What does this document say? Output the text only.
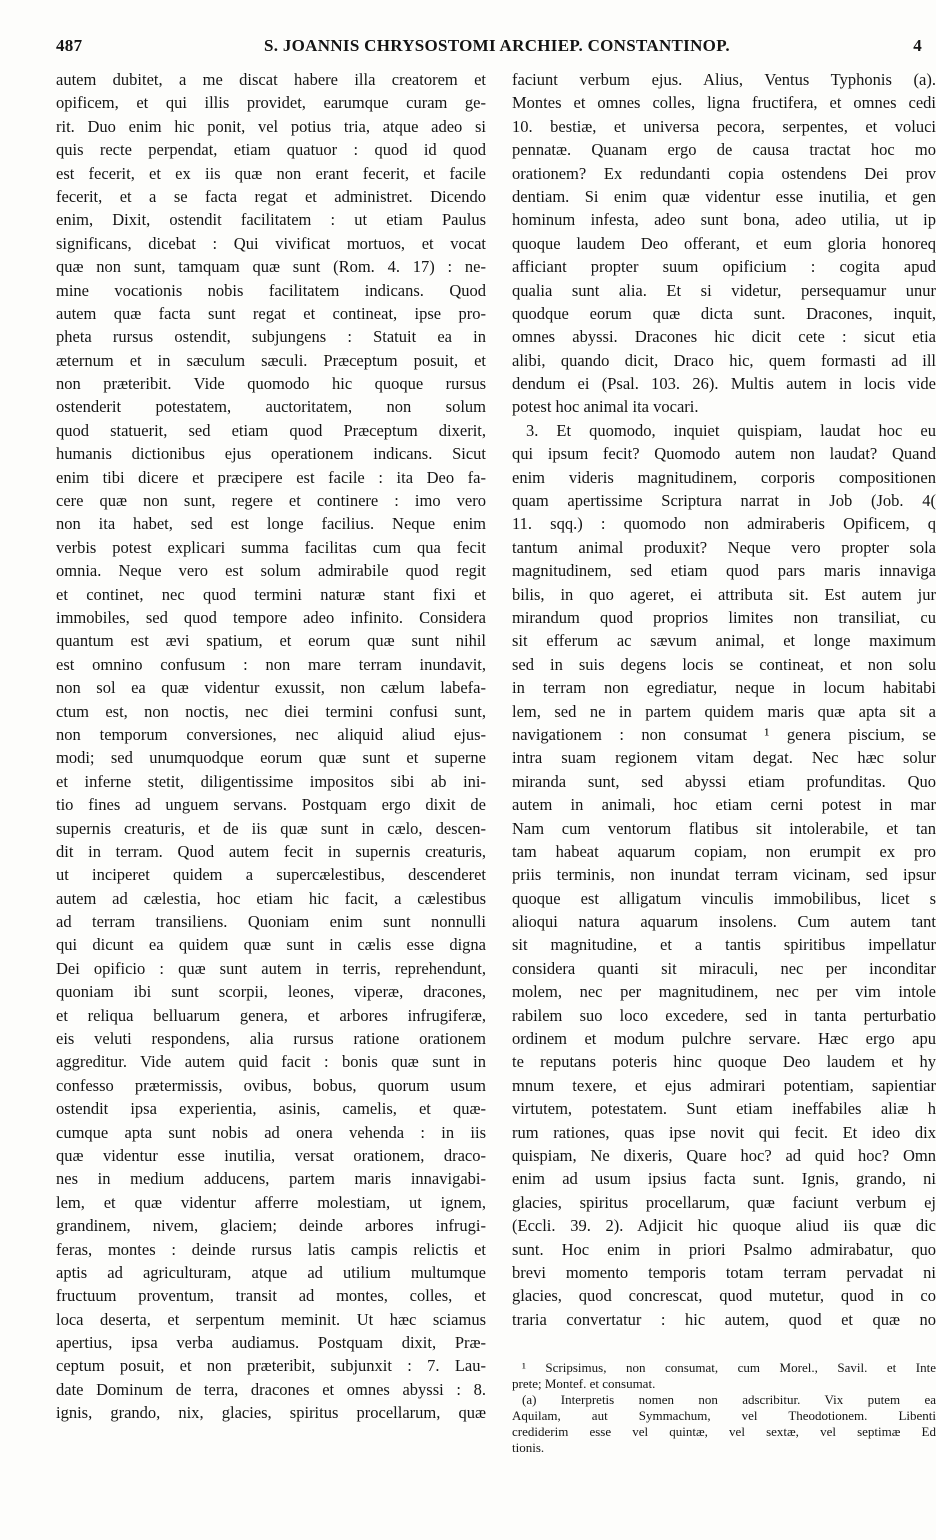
487	S. JOANNIS CHRYSOSTOMI ARCHIEP. CONSTANTINOP.	4
autem dubitet, a me discat habere illa creatorem et
opificem, et qui illis providet, earumque curam ge-
rit. Duo enim hic ponit, vel potius tria, atque adeo si
quis recte perpendat, etiam quatuor : quod id quod
est fecerit, et ex iis quæ non erant fecerit, et facile
fecerit, et a se facta regat et administret. Dicendo
enim, Dixit, ostendit facilitatem : ut etiam Paulus
significans, dicebat : Qui vivificat mortuos, et vocat
quæ non sunt, tamquam quæ sunt (Rom. 4. 17) : ne-
mine vocationis nobis facilitatem indicans. Quod
autem quæ facta sunt regat et contineat, ipse pro-
pheta rursus ostendit, subjungens : Statuit ea in
æternum et in sæculum sæculi. Præceptum posuit, et
non præteribit. Vide quomodo hic quoque rursus
ostenderit potestatem, auctoritatem, non solum
quod statuerit, sed etiam quod Præceptum dixerit,
humanis dictionibus ejus operationem indicans. Sicut
enim tibi dicere et præcipere est facile : ita Deo fa-
cere quæ non sunt, regere et continere : imo vero
non ita habet, sed est longe facilius. Neque enim
verbis potest explicari summa facilitas cum qua fecit
omnia. Neque vero est solum admirabile quod regit
et continet, nec quod termini naturæ stant fixi et
immobiles, sed quod tempore adeo infinito. Considera
quantum est ævi spatium, et eorum quæ sunt nihil
est omnino confusum : non mare terram inundavit,
non sol ea quæ videntur exussit, non cælum labefa-
ctum est, non noctis, nec diei termini confusi sunt,
non temporum conversiones, nec aliquid aliud ejus-
modi; sed unumquodque eorum quæ sunt et superne
et inferne stetit, diligentissime impositos sibi ab ini-
tio fines ad unguem servans. Postquam ergo dixit de
supernis creaturis, et de iis quæ sunt in cælo, descen-
dit in terram. Quod autem fecit in supernis creaturis,
ut inciperet quidem a supercælestibus, descenderet
autem ad cælestia, hoc etiam hic facit, a cælestibus
ad terram transiliens. Quoniam enim sunt nonnulli
qui dicunt ea quidem quæ sunt in cælis esse digna
Dei opificio : quæ sunt autem in terris, reprehendunt,
quoniam ibi sunt scorpii, leones, viperæ, dracones,
et reliqua belluarum genera, et arbores infrugiferæ,
eis veluti respondens, alia rursus ratione orationem
aggreditur. Vide autem quid facit : bonis quæ sunt in
confesso prætermissis, ovibus, bobus, quorum usum
ostendit ipsa experientia, asinis, camelis, et quæ-
cumque apta sunt nobis ad onera vehenda : in iis
quæ videntur esse inutilia, versat orationem, draco-
nes in medium adducens, partem maris innavigabi-
lem, et quæ videntur afferre molestiam, ut ignem,
grandinem, nivem, glaciem; deinde arbores infrugi-
feras, montes : deinde rursus latis campis relictis et
aptis ad agriculturam, atque ad utilium multumque
fructuum proventum, transit ad montes, colles, et
loca deserta, et serpentum meminit. Ut hæc sciamus
apertius, ipsa verba audiamus. Postquam dixit, Præ-
ceptum posuit, et non præteribit, subjunxit : 7. Lau-
date Dominum de terra, dracones et omnes abyssi : 8.
ignis, grando, nix, glacies, spiritus procellarum, quæ
faciunt verbum ejus. Alius, Ventus Typhonis (a).
Montes et omnes colles, ligna fructifera, et omnes cedi
10. bestiæ, et universa pecora, serpentes, et voluci
pennatæ. Quanam ergo de causa tractat hoc mo
orationem? Ex redundanti copia ostendens Dei prov
dentiam. Si enim quæ videntur esse inutilia, et gen
hominum infesta, adeo sunt bona, adeo utilia, ut ip
quoque laudem Deo offerant, et eum gloria honoreq
afficiant propter suum opificium : cogita apud
qualia sunt alia. Et si videtur, persequamur unur
quodque eorum quæ dicta sunt. Dracones, inquit,
omnes abyssi. Dracones hic dicit cete : sicut etia
alibi, quando dicit, Draco hic, quem formasti ad ill
dendum ei (Psal. 103. 26). Multis autem in locis vide
potest hoc animal ita vocari.
3. Et quomodo, inquiet quispiam, laudat hoc eu
qui ipsum fecit? Quomodo autem non laudat? Quand
enim videris magnitudinem, corporis compositionen
quam apertissime Scriptura narrat in Job (Job. 4(
11. sqq.) : quomodo non admiraberis Opificem, q
tantum animal produxit? Neque vero propter sola
magnitudinem, sed etiam quod pars maris innaviga
bilis, in quo ageret, ei attributa sit. Est autem jur
mirandum quod proprios limites non transiliat, cu
sit efferum ac sævum animal, et longe maximum
sed in suis degens locis se contineat, et non solu
in terram non egrediatur, neque in locum habitabi
lem, sed ne in partem quidem maris quæ apta sit a
navigationem : non consumat ¹ genera piscium, se
intra suam regionem vitam degat. Nec hæc solur
miranda sunt, sed abyssi etiam profunditas. Quo
autem in animali, hoc etiam cerni potest in mar
Nam cum ventorum flatibus sit intolerabile, et tan
tam habeat aquarum copiam, non erumpit ex pro
priis terminis, non inundat terram vicinam, sed ipsur
quoque est alligatum vinculis immobilibus, licet s
alioqui natura aquarum insolens. Cum autem tant
sit magnitudine, et a tantis spiritibus impellatur
considera quanti sit miraculi, nec per inconditar
molem, nec per magnitudinem, nec per vim intole
rabilem suo loco excedere, sed in tanta perturbatio
ordinem et modum pulchre servare. Hæc ergo apu
te reputans poteris hinc quoque Deo laudem et hy
mnum texere, et ejus admirari potentiam, sapientiar
virtutem, potestatem. Sunt etiam ineffabiles aliæ h
rum rationes, quas ipse novit qui fecit. Et ideo dix
quispiam, Ne dixeris, Quare hoc? ad quid hoc? Omn
enim ad usum ipsius facta sunt. Ignis, grando, ni
glacies, spiritus procellarum, quæ faciunt verbum ej
(Eccli. 39. 2). Adjicit hic quoque aliud iis quæ dic
sunt. Hoc enim in priori Psalmo admirabatur, quo
brevi momento temporis totam terram pervadat ni
glacies, quod concrescat, quod mutetur, quod in co
traria convertatur : hic autem, quod et quæ no
¹ Scripsimus, non consumat, cum Morel., Savil. et Inte
prete; Montef. et consumat.
(a) Interpretis nomen non adscribitur. Vix putem ea
Aquilam, aut Symmachum, vel Theodotionem. Libenti
crediderim esse vel quintæ, vel sextæ, vel septimæ Ed
tionis.
